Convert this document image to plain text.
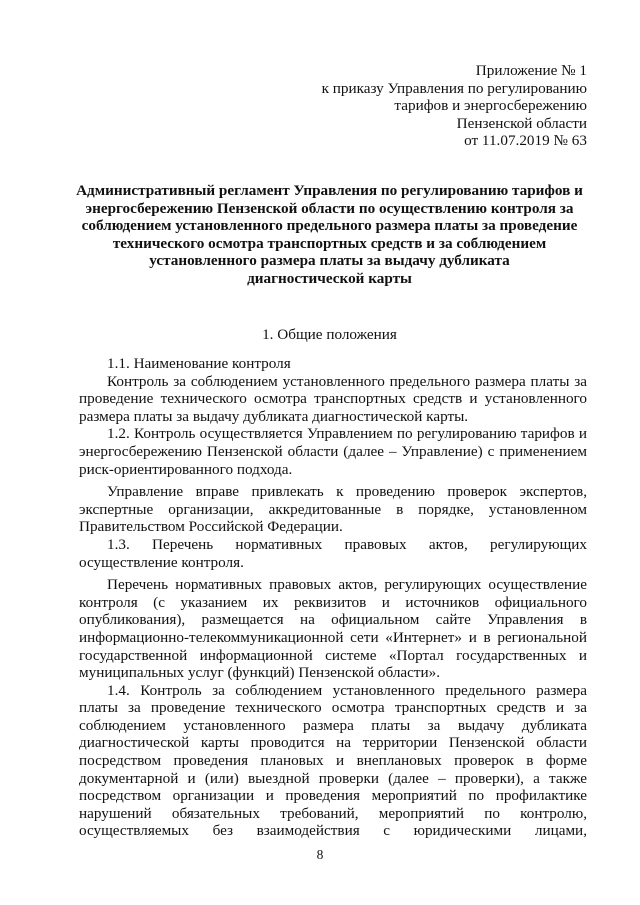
Приложение № 1
к приказу Управления по регулированию
тарифов и энергосбережению
Пензенской области
от 11.07.2019 № 63
Административный регламент Управления по регулированию тарифов и
энергосбережению Пензенской области по осуществлению контроля за
соблюдением установленного предельного размера платы за проведение
технического осмотра транспортных средств и за соблюдением
установленного размера платы за выдачу дубликата
диагностической карты
1. Общие положения
1.1. Наименование контроля
Контроль за соблюдением установленного предельного размера платы за
проведение технического осмотра транспортных средств и установленного
размера платы за выдачу дубликата диагностической карты.
1.2. Контроль осуществляется Управлением по регулированию тарифов и
энергосбережению Пензенской области (далее – Управление) с применением
риск-ориентированного подхода.
Управление вправе привлекать к проведению проверок экспертов,
экспертные организации, аккредитованные в порядке, установленном
Правительством Российской Федерации.
1.3. Перечень нормативных правовых актов, регулирующих
осуществление контроля.
Перечень нормативных правовых актов, регулирующих осуществление
контроля (с указанием их реквизитов и источников официального
опубликования), размещается на официальном сайте Управления в
информационно-телекоммуникационной сети «Интернет» и в региональной
государственной информационной системе «Портал государственных и
муниципальных услуг (функций) Пензенской области».
1.4. Контроль за соблюдением установленного предельного размера
платы за проведение технического осмотра транспортных средств и за
соблюдением установленного размера платы за выдачу дубликата
диагностической карты проводится на территории Пензенской области
посредством проведения плановых и внеплановых проверок в форме
документарной и (или) выездной проверки (далее – проверки), а также
посредством организации и проведения мероприятий по профилактике
нарушений обязательных требований, мероприятий по контролю,
осуществляемых без взаимодействия с юридическими лицами,
8
